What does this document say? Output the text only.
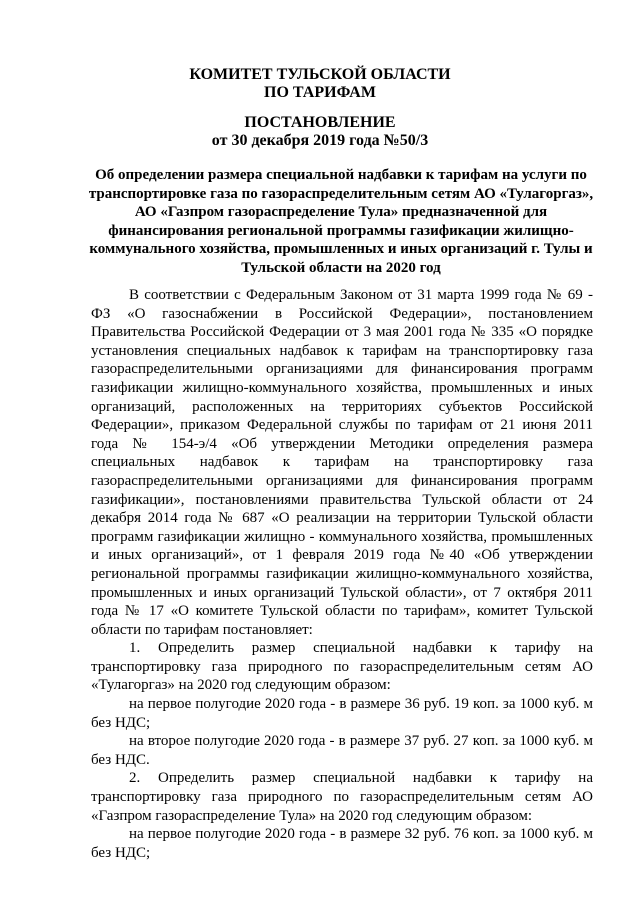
КОМИТЕТ ТУЛЬСКОЙ ОБЛАСТИ
ПО ТАРИФАМ
ПОСТАНОВЛЕНИЕ
от 30 декабря 2019 года №50/3
Об определении размера специальной надбавки к тарифам на услуги по транспортировке газа по газораспределительным сетям АО «Тулагоргаз», АО «Газпром газораспределение Тула» предназначенной для финансирования региональной программы газификации жилищно-коммунального хозяйства, промышленных и иных организаций г. Тулы и Тульской области на 2020 год

В соответствии с Федеральным Законом от 31 марта 1999 года № 69 - ФЗ «О газоснабжении в Российской Федерации», постановлением Правительства Российской Федерации от 3 мая 2001 года № 335 «О порядке установления специальных надбавок к тарифам на транспортировку газа газораспределительными организациями для финансирования программ газификации жилищно-коммунального хозяйства, промышленных и иных организаций, расположенных на территориях субъектов Российской Федерации», приказом Федеральной службы по тарифам от 21 июня 2011 года № 154-э/4 «Об утверждении Методики определения размера специальных надбавок к тарифам на транспортировку газа газораспределительными организациями для финансирования программ газификации», постановлениями правительства Тульской области от 24 декабря 2014 года № 687 «О реализации на территории Тульской области программ газификации жилищно - коммунального хозяйства, промышленных и иных организаций», от 1 февраля 2019 года №40 «Об утверждении региональной программы газификации жилищно-коммунального хозяйства, промышленных и иных организаций Тульской области», от 7 октября 2011 года № 17 «О комитете Тульской области по тарифам», комитет Тульской области по тарифам постановляет:

1. Определить размер специальной надбавки к тарифу на транспортировку газа природного по газораспределительным сетям АО «Тулагоргаз» на 2020 год следующим образом:

на первое полугодие 2020 года - в размере 36 руб. 19 коп. за 1000 куб. м без НДС;

на второе полугодие 2020 года - в размере 37 руб. 27 коп. за 1000 куб. м без НДС.

2. Определить размер специальной надбавки к тарифу на транспортировку газа природного по газораспределительным сетям АО «Газпром газораспределение Тула» на 2020 год следующим образом:

на первое полугодие 2020 года - в размере 32 руб. 76 коп. за 1000 куб. м без НДС;
